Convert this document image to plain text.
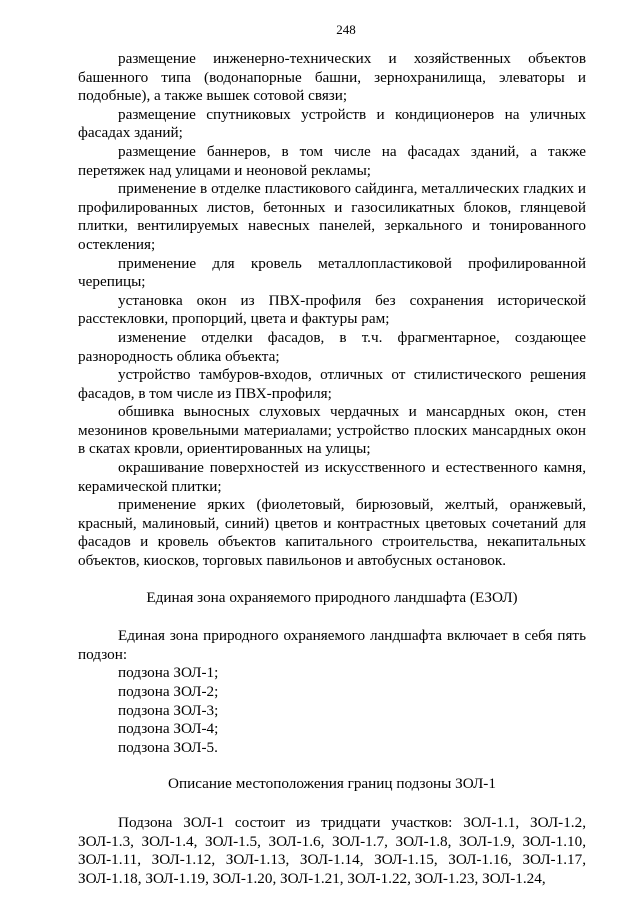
248

размещение инженерно-технических и хозяйственных объектов башенного типа (водонапорные башни, зернохранилища, элеваторы и подобные), а также вышек сотовой связи;

размещение спутниковых устройств и кондиционеров на уличных фасадах зданий;

размещение баннеров, в том числе на фасадах зданий, а также перетяжек над улицами и неоновой рекламы;

применение в отделке пластикового сайдинга, металлических гладких и профилированных листов, бетонных и газосиликатных блоков, глянцевой плитки, вентилируемых навесных панелей, зеркального и тонированного остекления;

применение для кровель металлопластиковой профилированной черепицы;

установка окон из ПВХ-профиля без сохранения исторической расстекловки, пропорций, цвета и фактуры рам;

изменение отделки фасадов, в т.ч. фрагментарное, создающее разнородность облика объекта;

устройство тамбуров-входов, отличных от стилистического решения фасадов, в том числе из ПВХ-профиля;

обшивка выносных слуховых чердачных и мансардных окон, стен мезонинов кровельными материалами; устройство плоских мансардных окон в скатах кровли, ориентированных на улицы;

окрашивание поверхностей из искусственного и естественного камня, керамической плитки;

применение ярких (фиолетовый, бирюзовый, желтый, оранжевый, красный, малиновый, синий) цветов и контрастных цветовых сочетаний для фасадов и кровель объектов капитального строительства, некапитальных объектов, киосков, торговых павильонов и автобусных остановок.

Единая зона охраняемого природного ландшафта (ЕЗОЛ)

Единая зона природного охраняемого ландшафта включает в себя пять подзон:

подзона ЗОЛ-1;

подзона ЗОЛ-2;

подзона ЗОЛ-3;

подзона ЗОЛ-4;

подзона ЗОЛ-5.

Описание местоположения границ подзоны ЗОЛ-1

Подзона ЗОЛ-1 состоит из тридцати участков: ЗОЛ-1.1, ЗОЛ-1.2, ЗОЛ-1.3, ЗОЛ-1.4, ЗОЛ-1.5, ЗОЛ-1.6, ЗОЛ-1.7, ЗОЛ-1.8, ЗОЛ-1.9, ЗОЛ-1.10, ЗОЛ-1.11, ЗОЛ-1.12, ЗОЛ-1.13, ЗОЛ-1.14, ЗОЛ-1.15, ЗОЛ-1.16, ЗОЛ-1.17, ЗОЛ-1.18, ЗОЛ-1.19, ЗОЛ-1.20, ЗОЛ-1.21, ЗОЛ-1.22, ЗОЛ-1.23, ЗОЛ-1.24,
